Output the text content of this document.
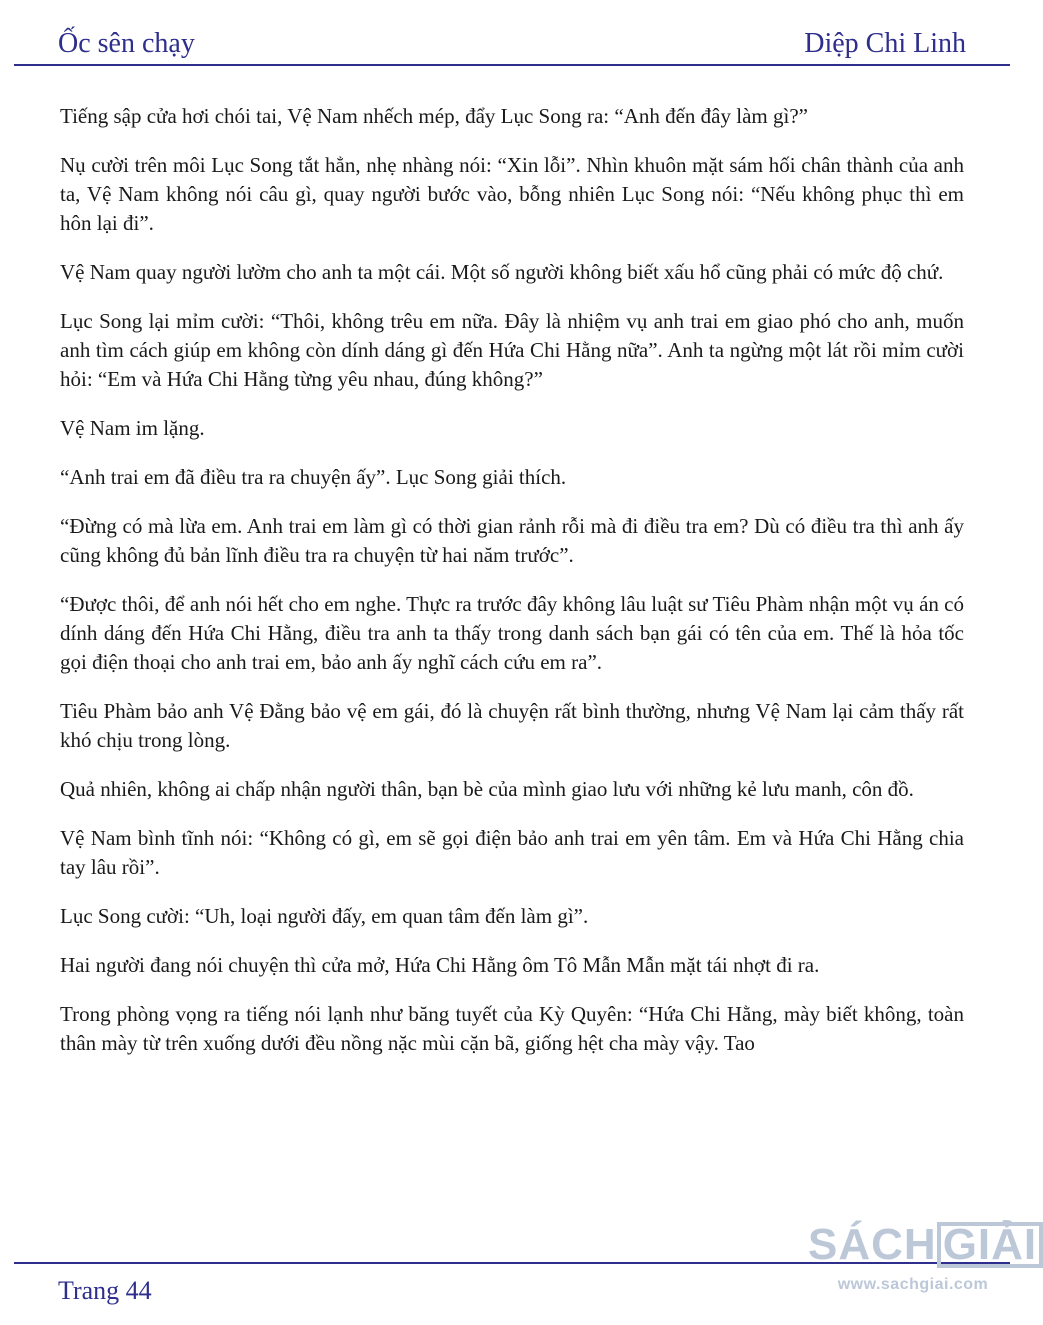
Ốc sên chạy	Diệp Chi Linh

Tiếng sập cửa hơi chói tai, Vệ Nam nhếch mép, đẩy Lục Song ra: “Anh đến đây làm gì?”

Nụ cười trên môi Lục Song tắt hẳn, nhẹ nhàng nói: “Xin lỗi”. Nhìn khuôn mặt sám hối chân thành của anh ta, Vệ Nam không nói câu gì, quay người bước vào, bỗng nhiên Lục Song nói: “Nếu không phục thì em hôn lại đi”.

Vệ Nam quay người lườm cho anh ta một cái. Một số người không biết xấu hổ cũng phải có mức độ chứ.

Lục Song lại mỉm cười: “Thôi, không trêu em nữa. Đây là nhiệm vụ anh trai em giao phó cho anh, muốn anh tìm cách giúp em không còn dính dáng gì đến Hứa Chi Hằng nữa”. Anh ta ngừng một lát rồi mỉm cười hỏi: “Em và Hứa Chi Hằng từng yêu nhau, đúng không?”

Vệ Nam im lặng.

“Anh trai em đã điều tra ra chuyện ấy”. Lục Song giải thích.

“Đừng có mà lừa em. Anh trai em làm gì có thời gian rảnh rỗi mà đi điều tra em? Dù có điều tra thì anh ấy cũng không đủ bản lĩnh điều tra ra chuyện từ hai năm trước”.

“Được thôi, để anh nói hết cho em nghe. Thực ra trước đây không lâu luật sư Tiêu Phàm nhận một vụ án có dính dáng đến Hứa Chi Hằng, điều tra anh ta thấy trong danh sách bạn gái có tên của em. Thế là hỏa tốc gọi điện thoại cho anh trai em, bảo anh ấy nghĩ cách cứu em ra”.

Tiêu Phàm bảo anh Vệ Đằng bảo vệ em gái, đó là chuyện rất bình thường, nhưng Vệ Nam lại cảm thấy rất khó chịu trong lòng.

Quả nhiên, không ai chấp nhận người thân, bạn bè của mình giao lưu với những kẻ lưu manh, côn đồ.

Vệ Nam bình tĩnh nói: “Không có gì, em sẽ gọi điện bảo anh trai em yên tâm. Em và Hứa Chi Hằng chia tay lâu rồi”.

Lục Song cười: “Uh, loại người đấy, em quan tâm đến làm gì”.

Hai người đang nói chuyện thì cửa mở, Hứa Chi Hằng ôm Tô Mẫn Mẫn mặt tái nhợt đi ra.

Trong phòng vọng ra tiếng nói lạnh như băng tuyết của Kỳ Quyên: “Hứa Chi Hằng, mày biết không, toàn thân mày từ trên xuống dưới đều nồng nặc mùi cặn bã, giống hệt cha mày vậy. Tao

Trang 44
SÁCH GIẢI
www.sachgiai.com
